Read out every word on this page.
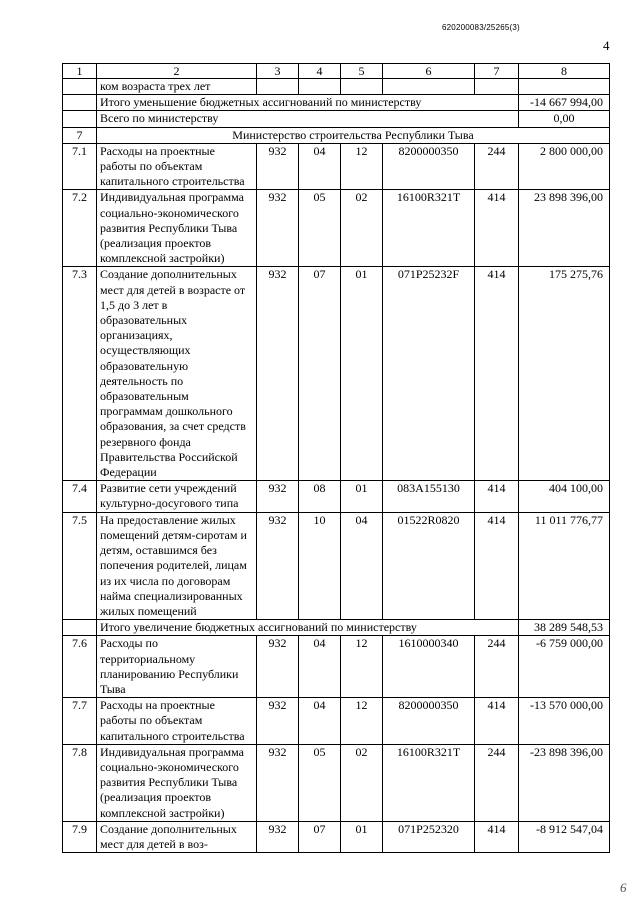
620200083/25265(3)
4
1	2	3	4	5	6	7	8
	ком возраста трех лет						
	Итого уменьшение бюджетных ассигнований по министерству						-14 667 994,00
	Всего по министерству						0,00
7	Министерство строительства Республики Тыва						
7.1	Расходы на проектные работы по объектам капитального строительства	932	04	12	8200000350	244	2 800 000,00
7.2	Индивидуальная программа социально-экономического развития Республики Тыва (реализация проектов комплексной застройки)	932	05	02	16100R321T	414	23 898 396,00
7.3	Создание дополнительных мест для детей в возрасте от 1,5 до 3 лет в образовательных организациях, осуществляющих образовательную деятельность по образовательным программам дошкольного образования, за счет средств резервного фонда Правительства Российской Федерации	932	07	01	071P25232F	414	175 275,76
7.4	Развитие сети учреждений культурно-досугового типа	932	08	01	083A155130	414	404 100,00
7.5	На предоставление жилых помещений детям-сиротам и детям, оставшимся без попечения родителей, лицам из их числа по договорам найма специализированных жилых помещений	932	10	04	01522R0820	414	11 011 776,77
	Итого увеличение бюджетных ассигнований по министерству						38 289 548,53
7.6	Расходы по территориальному планированию Республики Тыва	932	04	12	1610000340	244	-6 759 000,00
7.7	Расходы на проектные работы по объектам капитального строительства	932	04	12	8200000350	414	-13 570 000,00
7.8	Индивидуальная программа социально-экономического развития Республики Тыва (реализация проектов комплексной застройки)	932	05	02	16100R321T	244	-23 898 396,00
7.9	Создание дополнительных мест для детей в воз-	932	07	01	071P252320	414	-8 912 547,04
6
